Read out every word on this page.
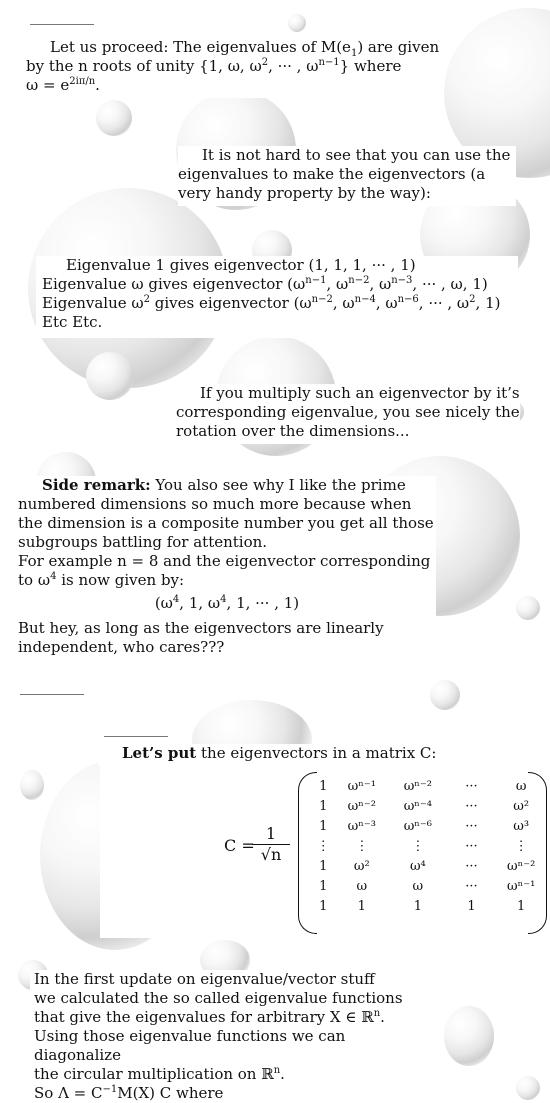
Let us proceed: The eigenvalues of $M(e_1)$ are given

by the n roots of unity {1, ω, $\omega^2$, ··· , $\omega^{n-1}$} where

$\omega = e^{2i\pi/n}$.

It is not hard to see that you can use the eigenvalues to make the eigenvectors (a very handy property by the way):

Eigenvalue 1 gives eigenvector (1, 1, 1, ··· , 1)

Eigenvalue ω gives eigenvector ($\omega^{n-1}$, $\omega^{n-2}$, $\omega^{n-3}$, ··· , ω, 1)

Eigenvalue $\omega^2$ gives eigenvector ($\omega^{n-2}$, $\omega^{n-4}$, $\omega^{n-6}$, ··· , $\omega^2$, 1)

Etc Etc.

If you multiply such an eigenvector by it’s corresponding eigenvalue, you see nicely the rotation over the dimensions...

Side remark: You also see why I like the prime numbered dimensions so much more because when the dimension is a composite number you get all those subgroups battling for attention.

For example n = 8 and the eigenvector corresponding

to $\omega^4$ is now given by:

($\omega^4$, 1, $\omega^4$, 1, ··· , 1)

But hey, as long as the eigenvectors are linearly independent, who cares???

Let’s put the eigenvectors in a matrix C:

C =
$\frac{1}{√n}$
1	ωⁿ⁻¹	ωⁿ⁻²	···	ω
1	ωⁿ⁻²	ωⁿ⁻⁴	···	ω²
1	ωⁿ⁻³	ωⁿ⁻⁶	···	ω³
⋮	⋮	⋮	···	⋮
1	ω²	ω⁴	···	ωⁿ⁻²
1	ω	ω	···	ωⁿ⁻¹
1	1	1	1	1

In the first update on eigenvalue/vector stuff

we calculated the so called eigenvalue functions

that give the eigenvalues for arbitrary X ∈ ℝ$^n$.

Using those eigenvalue functions we can diagonalize

the circular multiplication on ℝ$^n$.

So $\Lambda = C^{-1}M(X)$ C where
